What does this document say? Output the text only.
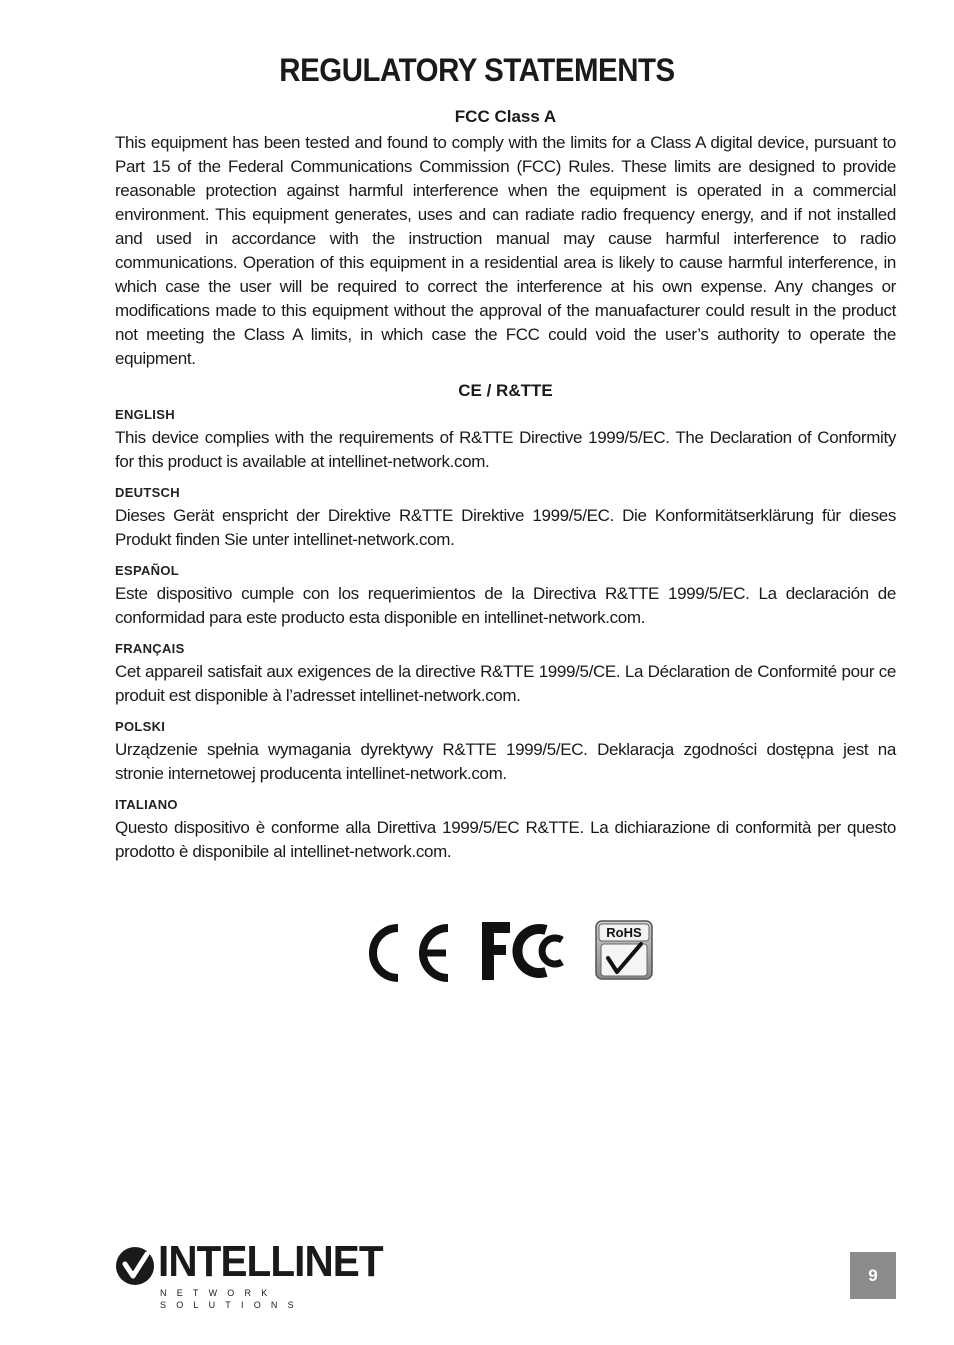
REGULATORY STATEMENTS
FCC Class A

This equipment has been tested and found to comply with the limits for a Class A digital device, pursuant to Part 15 of the Federal Communications Commission (FCC) Rules. These limits are designed to provide reasonable protection against harmful interference when the equipment is operated in a commercial environment. This equipment generates, uses and can radiate radio frequency energy, and if not installed and used in accordance with the instruction manual may cause harmful interference to radio communications. Operation of this equipment in a residential area is likely to cause harmful interference, in which case the user will be required to correct the interference at his own expense. Any changes or modifications made to this equipment without the approval of the manuafacturer could result in the product not meeting the Class A limits, in which case the FCC could void the user’s authority to operate the equipment.

CE / R&TTE
ENGLISH

This device complies with the requirements of R&TTE Directive 1999/5/EC. The Declaration of Conformity for this product is available at intellinet-network.com.

DEUTSCH

Dieses Gerät enspricht der Direktive R&TTE Direktive 1999/5/EC. Die Konformitätserklärung für dieses Produkt finden Sie unter intellinet-network.com.

ESPAÑOL

Este dispositivo cumple con los requerimientos de la Directiva R&TTE 1999/5/EC. La declaración de conformidad para este producto esta disponible en intellinet-network.com.

FRANÇAIS

Cet appareil satisfait aux exigences de la directive R&TTE 1999/5/CE. La Déclaration de Conformité pour ce produit est disponible à l’adresset intellinet-network.com.

POLSKI

Urządzenie spełnia wymagania dyrektywy R&TTE 1999/5/EC. Deklaracja zgodności dostępna jest na stronie internetowej producenta intellinet-network.com.

ITALIANO

Questo dispositivo è conforme alla Direttiva 1999/5/EC R&TTE. La dichiarazione di conformità per questo prodotto è disponibile al intellinet-network.com.

RoHS
INTELLINET
NETWORK SOLUTIONS
9
